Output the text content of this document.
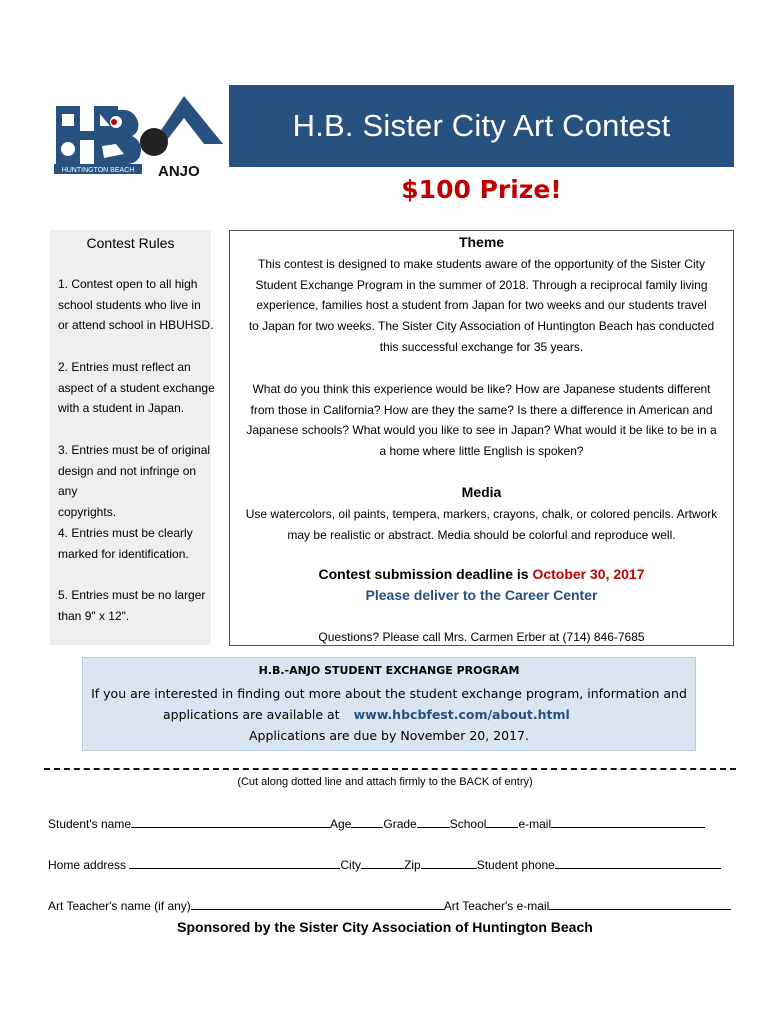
HUNTINGTON BEACH ANJO
H.B. Sister City Art Contest
$100 Prize!
Contest Rules
1. Contest open to all high
school students who live in
or attend school in HBUHSD.
2. Entries must reflect an
aspect of a student exchange
with a student in Japan.
3. Entries must be of original
design and not infringe on any
copyrights.
4. Entries must be clearly
marked for identification.
5. Entries must be no larger
than 9" x 12".
Theme
This contest is designed to make students aware of the opportunity of the Sister City
Student Exchange Program in the summer of 2018. Through a reciprocal family living
experience, families host a student from Japan for two weeks and our students travel
to Japan for two weeks. The Sister City Association of Huntington Beach has conducted
this successful exchange for 35 years.
What do you think this experience would be like? How are Japanese students different
from those in California? How are they the same? Is there a difference in American and
Japanese schools? What would you like to see in Japan? What would it be like to be in a
a home where little English is spoken?
Media
Use watercolors, oil paints, tempera, markers, crayons, chalk, or colored pencils. Artwork
may be realistic or abstract. Media should be colorful and reproduce well.
Contest submission deadline is October 30, 2017
Please deliver to the Career Center
Questions? Please call Mrs. Carmen Erber at (714) 846-7685
H.B.-ANJO STUDENT EXCHANGE PROGRAM
If you are interested in finding out more about the student exchange program, information and
applications are available at www.hbcbfest.com/about.html
Applications are due by November 20, 2017.
(Cut along dotted line and attach firmly to the BACK of entry)
Student's name	Age	Grade	School	e-mail
Home address	City	Zip	Student phone
Art Teacher's name (if any)	Art Teacher's e-mail
Sponsored by the Sister City Association of Huntington Beach
